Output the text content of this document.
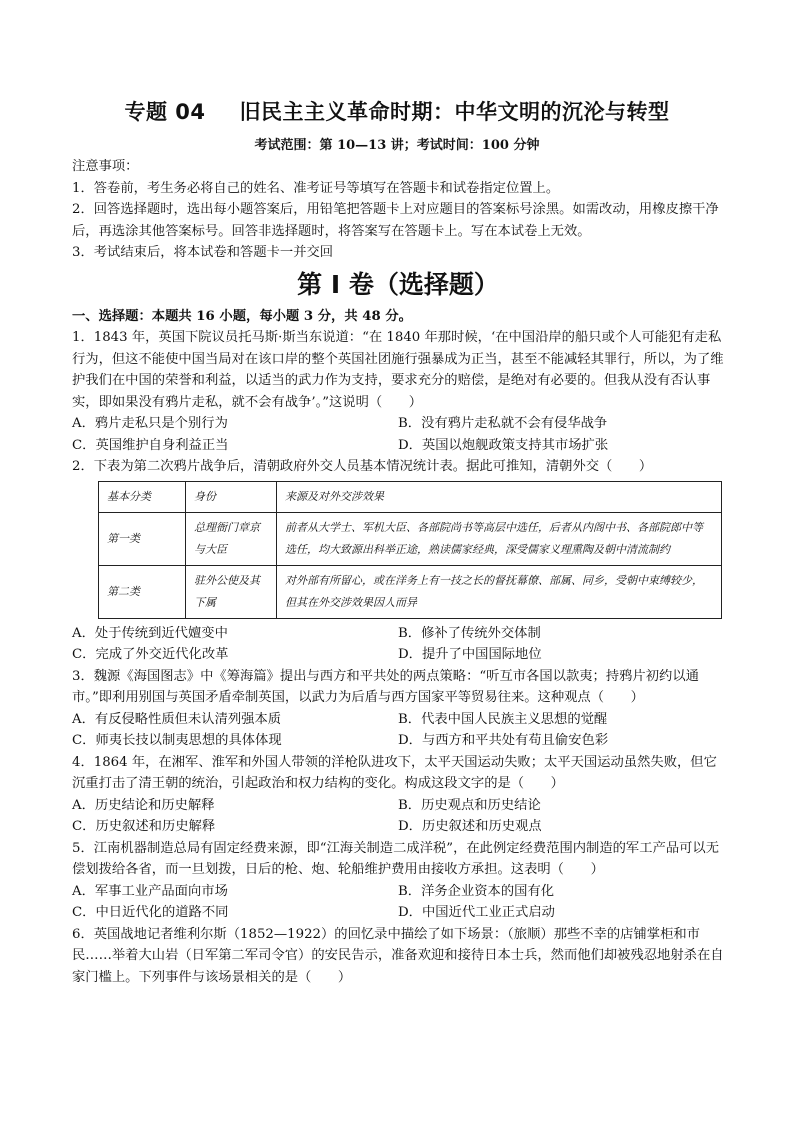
专题 04 旧民主主义革命时期：中华文明的沉沦与转型
考试范围：第 10—13 讲；考试时间：100 分钟

注意事项：

1．答卷前，考生务必将自己的姓名、准考证号等填写在答题卡和试卷指定位置上。

2．回答选择题时，选出每小题答案后，用铅笔把答题卡上对应题目的答案标号涂黑。如需改动，用橡皮擦干净后，再选涂其他答案标号。回答非选择题时，将答案写在答题卡上。写在本试卷上无效。

3．考试结束后，将本试卷和答题卡一并交回

第 I 卷（选择题）

一、选择题：本题共 16 小题，每小题 3 分，共 48 分。

1．1843 年，英国下院议员托马斯·斯当东说道：“在 1840 年那时候，‘在中国沿岸的船只或个人可能犯有走私行为，但这不能使中国当局对在该口岸的整个英国社团施行强暴成为正当，甚至不能减轻其罪行，所以，为了维护我们在中国的荣誉和利益，以适当的武力作为支持，要求充分的赔偿，是绝对有必要的。但我从没有否认事实，即如果没有鸦片走私，就不会有战争’。”这说明（　　）

A．鸦片走私只是个别行为	B．没有鸦片走私就不会有侵华战争
C．英国维护自身利益正当	D．英国以炮舰政策支持其市场扩张

2．下表为第二次鸦片战争后，清朝政府外交人员基本情况统计表。据此可推知，清朝外交（　　）

基本分类	身份	来源及对外交涉效果
第一类	总理衙门章京与大臣	前者从大学士、军机大臣、各部院尚书等高层中选任，后者从内阁中书、各部院郎中等选任，均大致源出科举正途，熟读儒家经典，深受儒家义理熏陶及朝中清流制约
第二类	驻外公使及其下属	对外部有所留心，或在洋务上有一技之长的督抚幕僚、部属、同乡，受朝中束缚较少，但其在外交涉效果因人而异
A．处于传统到近代嬗变中	B．修补了传统外交体制
C．完成了外交近代化改革	D．提升了中国国际地位

3．魏源《海国图志》中《筹海篇》提出与西方和平共处的两点策略：“听互市各国以款夷；持鸦片初约以通市。”即利用别国与英国矛盾牵制英国，以武力为后盾与西方国家平等贸易往来。这种观点（　　）

A．有反侵略性质但未认清列强本质	B．代表中国人民族主义思想的觉醒
C．师夷长技以制夷思想的具体体现	D．与西方和平共处有苟且偷安色彩

4．1864 年，在湘军、淮军和外国人带领的洋枪队进攻下，太平天国运动失败；太平天国运动虽然失败，但它沉重打击了清王朝的统治，引起政治和权力结构的变化。构成这段文字的是（　　）

A．历史结论和历史解释	B．历史观点和历史结论
C．历史叙述和历史解释	D．历史叙述和历史观点

5．江南机器制造总局有固定经费来源，即“江海关制造二成洋税”，在此例定经费范围内制造的军工产品可以无偿划拨给各省，而一旦划拨，日后的枪、炮、轮船维护费用由接收方承担。这表明（　　）

A．军事工业产品面向市场	B．洋务企业资本的国有化
C．中日近代化的道路不同	D．中国近代工业正式启动

6．英国战地记者维利尔斯（1852—1922）的回忆录中描绘了如下场景：（旅顺）那些不幸的店铺掌柜和市民……举着大山岩（日军第二军司令官）的安民告示，准备欢迎和接待日本士兵，然而他们却被残忍地射杀在自家门槛上。下列事件与该场景相关的是（　　）
